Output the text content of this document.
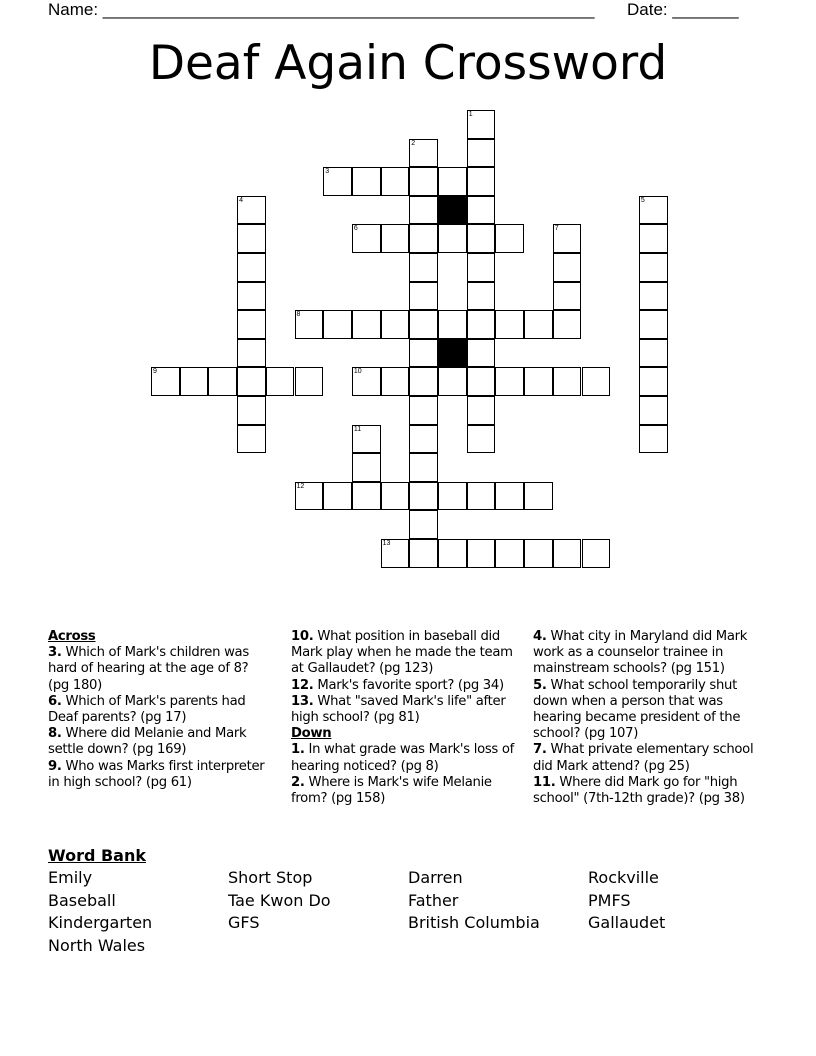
Name: ____________________________________________________ Date: _______
Deaf Again Crossword
1
2
3
4	5
6	7
8
9	10
11
12
13
Across
3. Which of Mark's children was hard of hearing at the age of 8? (pg 180)
6. Which of Mark's parents had Deaf parents? (pg 17)
8. Where did Melanie and Mark settle down? (pg 169)
9. Who was Marks first interpreter in high school? (pg 61)
10. What position in baseball did Mark play when he made the team at Gallaudet? (pg 123)
12. Mark's favorite sport? (pg 34)
13. What "saved Mark's life" after high school? (pg 81)
Down
1. In what grade was Mark's loss of hearing noticed? (pg 8)
2. Where is Mark's wife Melanie from? (pg 158)
4. What city in Maryland did Mark work as a counselor trainee in mainstream schools? (pg 151)
5. What school temporarily shut down when a person that was hearing became president of the school? (pg 107)
7. What private elementary school did Mark attend? (pg 25)
11. Where did Mark go for "high school" (7th-12th grade)? (pg 38)
Word Bank
Emily	Short Stop	Darren	Rockville
Baseball	Tae Kwon Do	Father	PMFS
Kindergarten	GFS	British Columbia	Gallaudet
North Wales
